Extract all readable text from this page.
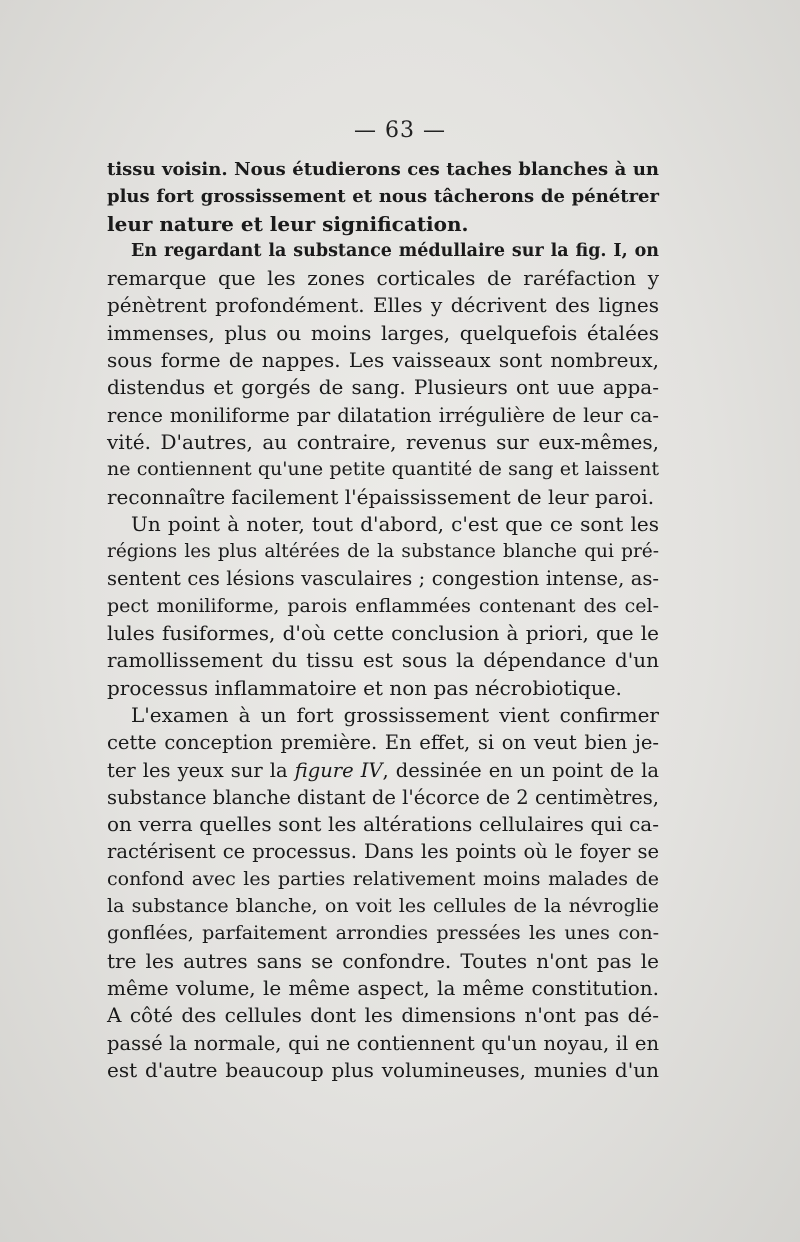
— 63 —
tissu voisin. Nous étudierons ces taches blanches à un
plus fort grossissement et nous tâcherons de pénétrer
leur nature et leur signification.
En regardant la substance médullaire sur la fig. I, on
remarque que les zones corticales de raréfaction y
pénètrent profondément. Elles y décrivent des lignes
immenses, plus ou moins larges, quelquefois étalées
sous forme de nappes. Les vaisseaux sont nombreux,
distendus et gorgés de sang. Plusieurs ont uue appa-
rence moniliforme par dilatation irrégulière de leur ca-
vité. D'autres, au contraire, revenus sur eux-mêmes,
ne contiennent qu'une petite quantité de sang et laissent
reconnaître facilement l'épaississement de leur paroi.
Un point à noter, tout d'abord, c'est que ce sont les
régions les plus altérées de la substance blanche qui pré-
sentent ces lésions vasculaires ; congestion intense, as-
pect moniliforme, parois enflammées contenant des cel-
lules fusiformes, d'où cette conclusion à priori, que le
ramollissement du tissu est sous la dépendance d'un
processus inflammatoire et non pas nécrobiotique.
L'examen à un fort grossissement vient confirmer
cette conception première. En effet, si on veut bien je-
ter les yeux sur la figure IV, dessinée en un point de la
substance blanche distant de l'écorce de 2 centimètres,
on verra quelles sont les altérations cellulaires qui ca-
ractérisent ce processus. Dans les points où le foyer se
confond avec les parties relativement moins malades de
la substance blanche, on voit les cellules de la névroglie
gonflées, parfaitement arrondies pressées les unes con-
tre les autres sans se confondre. Toutes n'ont pas le
même volume, le même aspect, la même constitution.
A côté des cellules dont les dimensions n'ont pas dé-
passé la normale, qui ne contiennent qu'un noyau, il en
est d'autre beaucoup plus volumineuses, munies d'un
